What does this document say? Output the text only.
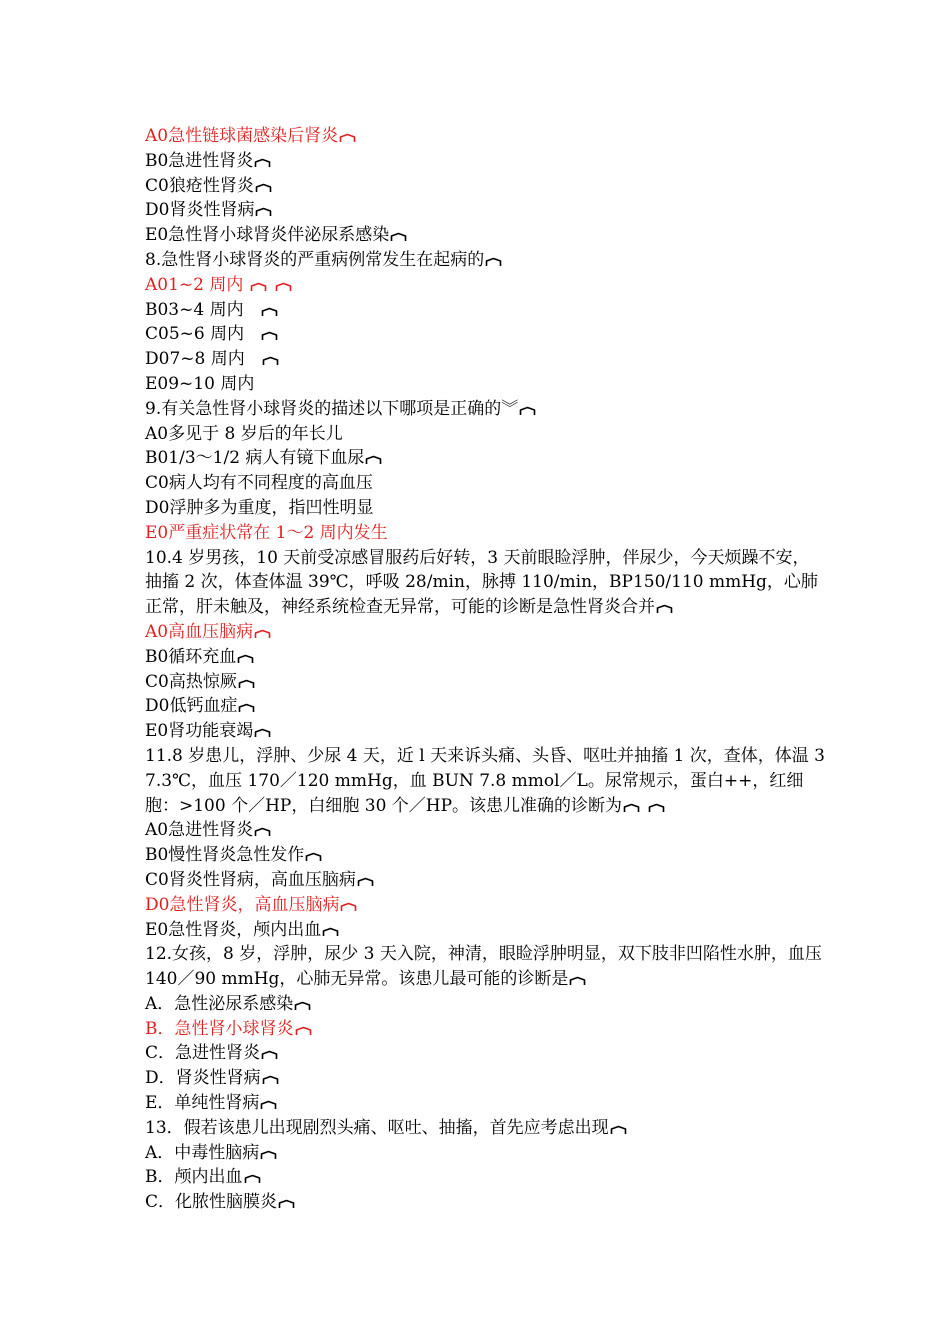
A0急性链球菌感染后肾炎
B0急进性肾炎
C0狼疮性肾炎
D0肾炎性肾病
E0急性肾小球肾炎伴泌尿系感染
8.急性肾小球肾炎的严重病例常发生在起病的
A01~2 周内
B03~4 周内
C05~6 周内
D07~8 周内
E09~10 周内
9.有关急性肾小球肾炎的描述以下哪项是正确的︾
A0多见于 8 岁后的年长儿
B01/3～1/2 病人有镜下血尿
C0病人均有不同程度的高血压
D0浮肿多为重度，指凹性明显
E0严重症状常在 1～2 周内发生
10.4 岁男孩，10 天前受凉感冒服药后好转，3 天前眼睑浮肿，伴尿少，今天烦躁不安，抽搐 2 次，体查体温 39℃，呼吸 28/min，脉搏 110/min，BP150/110 mmHg，心肺正常，肝未触及，神经系统检查无异常，可能的诊断是急性肾炎合并
A0高血压脑病
B0循环充血
C0高热惊厥
D0低钙血症
E0肾功能衰竭
11.8 岁患儿，浮肿、少尿 4 天，近 l 天来诉头痛、头昏、呕吐并抽搐 1 次，查体，体温 37.3℃，血压 170／120 mmHg，血 BUN 7.8 mmol／L。尿常规示，蛋白++，红细胞：>100 个／HP，白细胞 30 个／HP。该患儿准确的诊断为
A0急进性肾炎
B0慢性肾炎急性发作
C0肾炎性肾病，高血压脑病
D0急性肾炎，高血压脑病
E0急性肾炎，颅内出血
12.女孩，8 岁，浮肿，尿少 3 天入院，神清，眼睑浮肿明显，双下肢非凹陷性水肿，血压 140／90 mmHg，心肺无异常。该患儿最可能的诊断是
A．急性泌尿系感染
B．急性肾小球肾炎
C．急进性肾炎
D．肾炎性肾病
E．单纯性肾病
13．假若该患儿出现剧烈头痛、呕吐、抽搐，首先应考虑出现
A．中毒性脑病
B．颅内出血
C．化脓性脑膜炎
